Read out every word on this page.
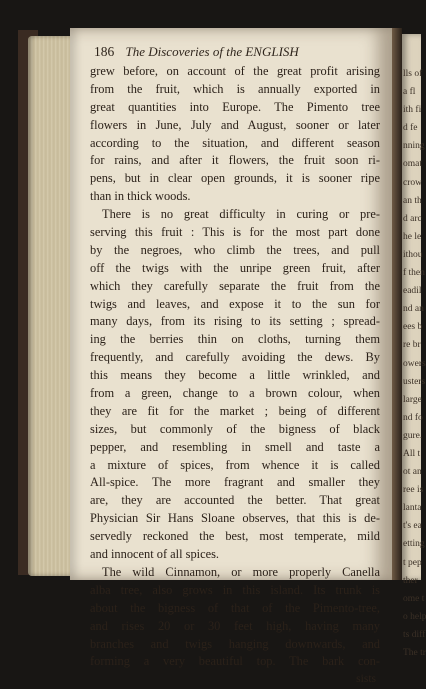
lls of
a fl
ith fi
d fe
nning
omat
crow
an th
d arc
he le
ithou
f then
eadil
nd an
ees b
re br
owers
usters
large
nd fo
gure.
All t
ot an
ree is
lanta
t's ea
etting
t pep
ther
ome t
o help
ts diff
The tr
186 The Discoveries of the ENGLISH
grew before, on account of the great profit arising
from the fruit, which is annually exported in
great quantities into Europe. The Pimento tree
flowers in June, July and August, sooner or later
according to the situation, and different season
for rains, and after it flowers, the fruit soon ri-
pens, but in clear open grounds, it is sooner ripe
than in thick woods.
There is no great difficulty in curing or pre-
serving this fruit : This is for the most part done
by the negroes, who climb the trees, and pull
off the twigs with the unripe green fruit, after
which they carefully separate the fruit from the
twigs and leaves, and expose it to the sun for
many days, from its rising to its setting ; spread-
ing the berries thin on cloths, turning them
frequently, and carefully avoiding the dews. By
this means they become a little wrinkled, and
from a green, change to a brown colour, when
they are fit for the market ; being of different
sizes, but commonly of the bigness of black
pepper, and resembling in smell and taste a
a mixture of spices, from whence it is called
All-spice. The more fragrant and smaller they
are, they are accounted the better. That great
Physician Sir Hans Sloane observes, that this is de-
servedly reckoned the best, most temperate, mild
and innocent of all spices.
The wild Cinnamon, or more properly Canella
alba tree, also grows in this island. Its trunk is
about the bigness of that of the Pimento-tree,
and rises 20 or 30 feet high, having many
branches and twigs hanging downwards, and
forming a very beautiful top. The bark con-
sists
